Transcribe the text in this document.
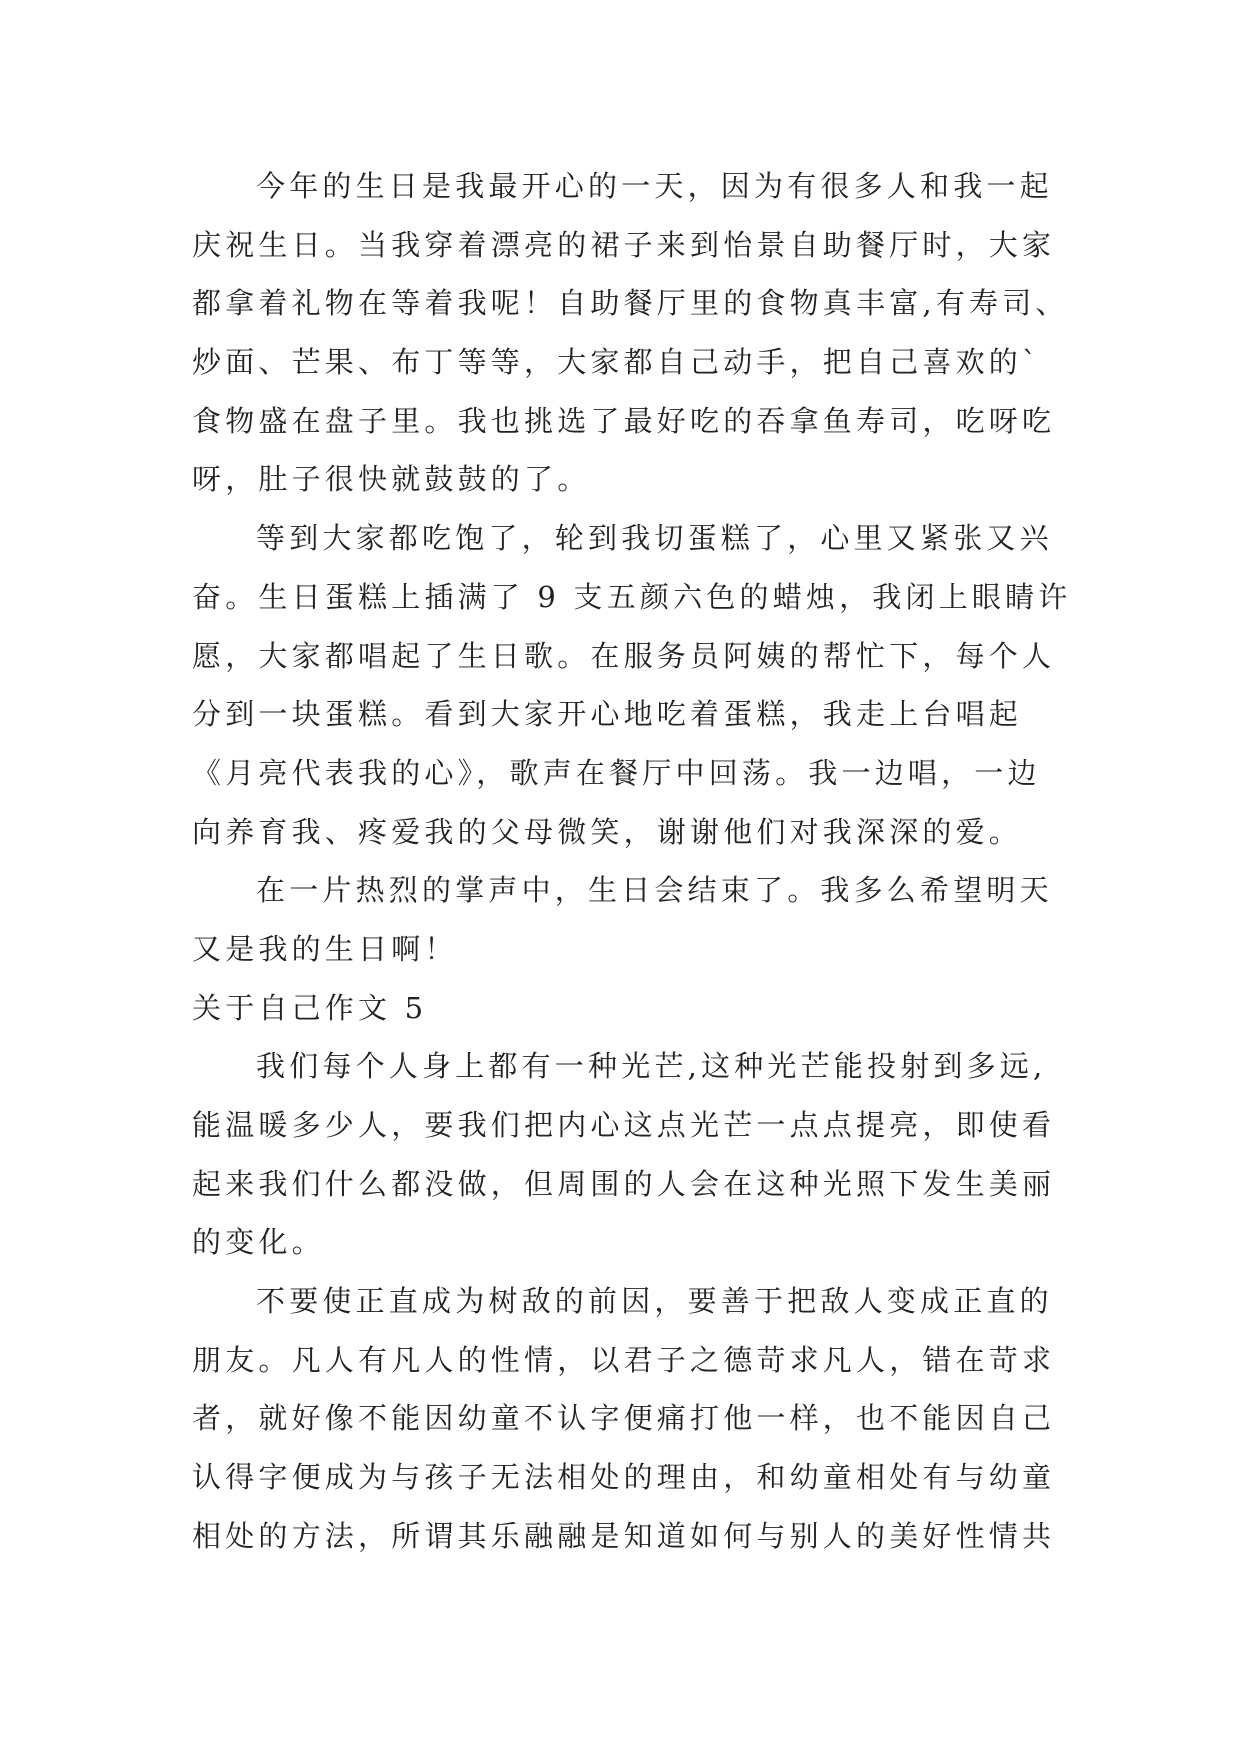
今年的生日是我最开心的一天，因为有很多人和我一起
庆祝生日。当我穿着漂亮的裙子来到怡景自助餐厅时，大家
都拿着礼物在等着我呢！自助餐厅里的食物真丰富,有寿司、
炒面、芒果、布丁等等，大家都自己动手，把自己喜欢的`
食物盛在盘子里。我也挑选了最好吃的吞拿鱼寿司，吃呀吃
呀，肚子很快就鼓鼓的了。
等到大家都吃饱了，轮到我切蛋糕了，心里又紧张又兴
奋。生日蛋糕上插满了 9 支五颜六色的蜡烛，我闭上眼睛许
愿，大家都唱起了生日歌。在服务员阿姨的帮忙下，每个人
分到一块蛋糕。看到大家开心地吃着蛋糕，我走上台唱起
《月亮代表我的心》，歌声在餐厅中回荡。我一边唱，一边
向养育我、疼爱我的父母微笑，谢谢他们对我深深的爱。
在一片热烈的掌声中，生日会结束了。我多么希望明天
又是我的生日啊！
关于自己作文 5
我们每个人身上都有一种光芒,这种光芒能投射到多远,
能温暖多少人，要我们把内心这点光芒一点点提亮，即使看
起来我们什么都没做，但周围的人会在这种光照下发生美丽
的变化。
不要使正直成为树敌的前因，要善于把敌人变成正直的
朋友。凡人有凡人的性情，以君子之德苛求凡人，错在苛求
者，就好像不能因幼童不认字便痛打他一样，也不能因自己
认得字便成为与孩子无法相处的理由，和幼童相处有与幼童
相处的方法，所谓其乐融融是知道如何与别人的美好性情共
